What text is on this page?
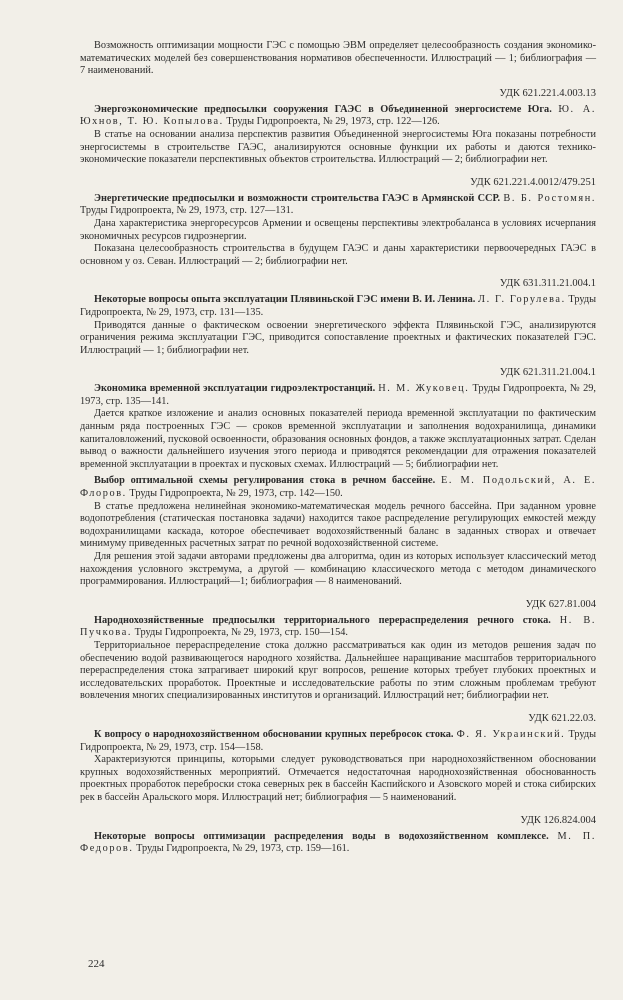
Возможность оптимизации мощности ГЭС с помощью ЭВМ определяет целесообразность создания экономико-математических моделей без совершенствования нормативов обеспеченности. Иллюстраций — 1; библиография — 7 наименований.

УДК 621.221.4.003.13

Энергоэкономические предпосылки сооружения ГАЭС в Объединенной энергосистеме Юга. Ю. А. Юхнов, Т. Ю. Копылова. Труды Гидропроекта, № 29, 1973, стр. 122—126.

В статье на основании анализа перспектив развития Объединенной энергосистемы Юга показаны потребности энергосистемы в строительстве ГАЭС, анализируются основные функции их работы и даются технико-экономические показатели перспективных объектов строительства. Иллюстраций — 2; библиографии нет.

УДК 621.221.4.0012/479.251

Энергетические предпосылки и возможности строительства ГАЭС в Армянской ССР. В. Б. Ростомян. Труды Гидропроекта, № 29, 1973, стр. 127—131.

Дана характеристика энергоресурсов Армении и освещены перспективы электробаланса в условиях исчерпания экономичных ресурсов гидроэнергии.

Показана целесообразность строительства в будущем ГАЭС и даны характеристики первоочередных ГАЭС в основном у оз. Севан. Иллюстраций — 2; библиографии нет.

УДК 631.311.21.004.1

Некоторые вопросы опыта эксплуатации Плявиньской ГЭС имени В. И. Ленина. Л. Г. Горулева. Труды Гидропроекта, № 29, 1973, стр. 131—135.

Приводятся данные о фактическом освоении энергетического эффекта Плявиньской ГЭС, анализируются ограничения режима эксплуатации ГЭС, приводится сопоставление проектных и фактических показателей ГЭС. Иллюстраций — 1; библиографии нет.

УДК 621.311.21.004.1

Экономика временной эксплуатации гидроэлектростанций. Н. М. Жуковец. Труды Гидропроекта, № 29, 1973, стр. 135—141.

Дается краткое изложение и анализ основных показателей периода временной эксплуатации по фактическим данным ряда построенных ГЭС — сроков временной эксплуатации и заполнения водохранилища, динамики капиталовложений, пусковой освоенности, образования основных фондов, а также эксплуатационных затрат. Сделан вывод о важности дальнейшего изучения этого периода и приводятся рекомендации для отражения показателей временной эксплуатации в проектах и пусковых схемах. Иллюстраций — 5; библиографии нет.

Выбор оптимальной схемы регулирования стока в речном бассейне. Е. М. Подольский, А. Е. Флоров. Труды Гидропроекта, № 29, 1973, стр. 142—150.

В статье предложена нелинейная экономико-математическая модель речного бассейна. При заданном уровне водопотребления (статическая постановка задачи) находится такое распределение регулирующих емкостей между водохранилищами каскада, которое обеспечивает водохозяйственный баланс в заданных створах и отвечает минимуму приведенных расчетных затрат по речной водохозяйственной системе.

Для решения этой задачи авторами предложены два алгоритма, один из которых использует классический метод нахождения условного экстремума, а другой — комбинацию классического метода с методом динамического программирования. Иллюстраций—1; библиография — 8 наименований.

УДК 627.81.004

Народнохозяйственные предпосылки территориального перераспределения речного стока. Н. В. Пучкова. Труды Гидропроекта, № 29, 1973, стр. 150—154.

Территориальное перераспределение стока должно рассматриваться как один из методов решения задач по обеспечению водой развивающегося народного хозяйства. Дальнейшее наращивание масштабов территориального перераспределения стока затрагивает широкий круг вопросов, решение которых требует глубоких проектных и исследовательских проработок. Проектные и исследовательские работы по этим сложным проблемам требуют вовлечения многих специализированных институтов и организаций. Иллюстраций нет; библиографии нет.

УДК 621.22.03.

К вопросу о народнохозяйственном обосновании крупных перебросок стока. Ф. Я. Украинский. Труды Гидропроекта, № 29, 1973, стр. 154—158.

Характеризуются принципы, которыми следует руководствоваться при народнохозяйственном обосновании крупных водохозяйственных мероприятий. Отмечается недостаточная народнохозяйственная обоснованность проектных проработок переброски стока северных рек в бассейн Каспийского и Азовского морей и стока сибирских рек в бассейн Аральского моря. Иллюстраций нет; библиография — 5 наименований.

УДК 126.824.004

Некоторые вопросы оптимизации распределения воды в водохозяйственном комплексе. М. П. Федоров. Труды Гидропроекта, № 29, 1973, стр. 159—161.

224
